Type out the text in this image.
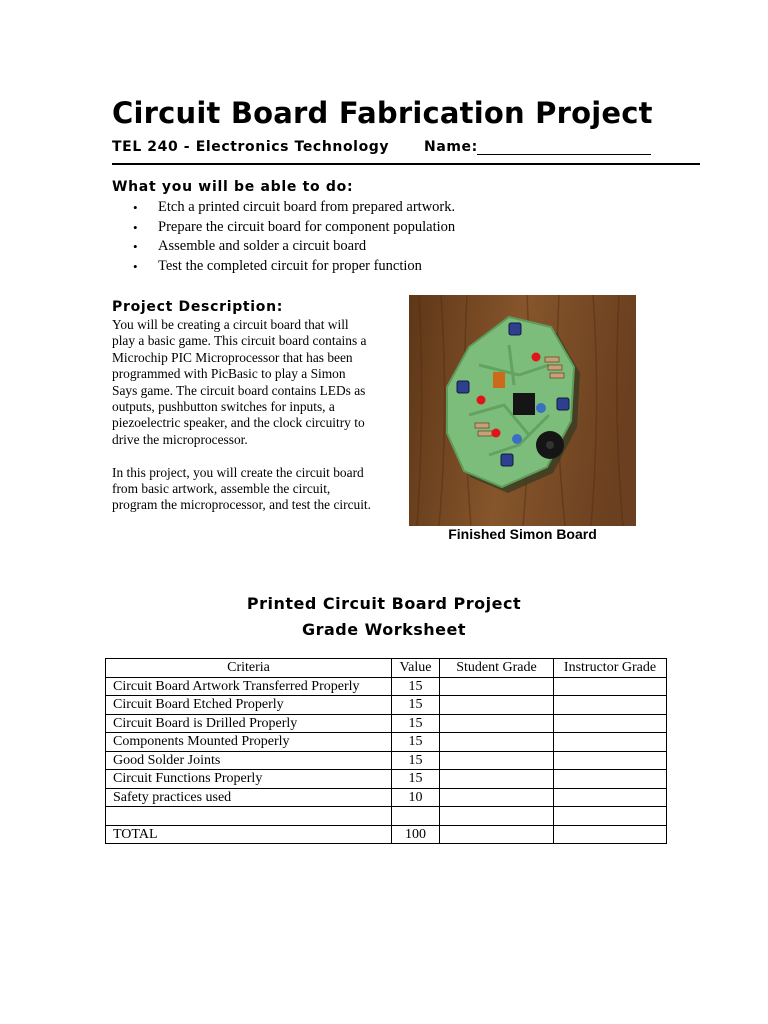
Circuit Board Fabrication Project
TEL 240 - Electronics Technology Name:
What you will be able to do:
• Etch a printed circuit board from prepared artwork.
• Prepare the circuit board for component population
• Assemble and solder a circuit board
• Test the completed circuit for proper function
Project Description:

You will be creating a circuit board that will play a basic game. This circuit board contains a Microchip PIC Microprocessor that has been programmed with PicBasic to play a Simon Says game. The circuit board contains LEDs as outputs, pushbutton switches for inputs, a piezoelectric speaker, and the clock circuitry to drive the microprocessor.

In this project, you will create the circuit board from basic artwork, assemble the circuit, program the microprocessor, and test the circuit.

Finished Simon Board
Printed Circuit Board Project
Grade Worksheet
Criteria	Value	Student Grade	Instructor Grade
Circuit Board Artwork Transferred Properly	15		
Circuit Board Etched Properly	15		
Circuit Board is Drilled Properly	15		
Components Mounted Properly	15		
Good Solder Joints	15		
Circuit Functions Properly	15		
Safety practices used	10		

TOTAL	100		
